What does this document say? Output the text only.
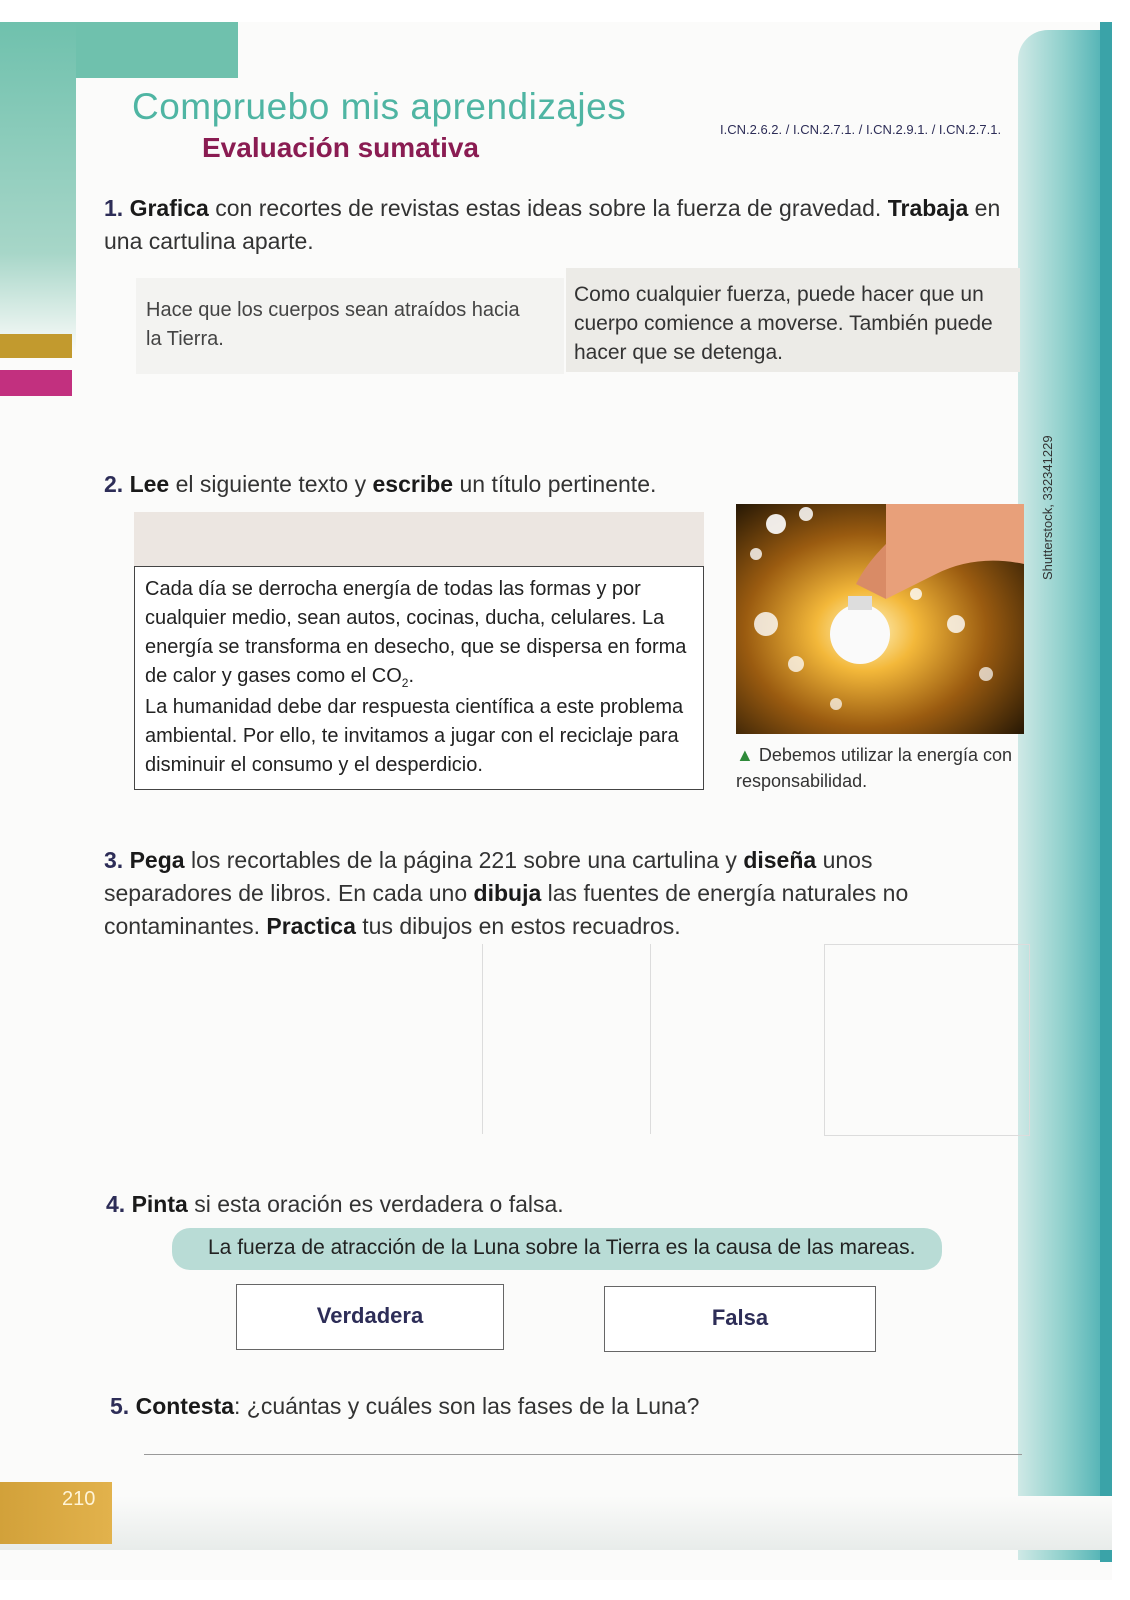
210
Compruebo mis aprendizajes
Evaluación sumativa
I.CN.2.6.2. / I.CN.2.7.1. / I.CN.2.9.1. / I.CN.2.7.1.
1. Grafica con recortes de revistas estas ideas sobre la fuerza de gravedad. Trabaja en una cartulina aparte.
Hace que los cuerpos sean atraídos hacia la Tierra.
Como cualquier fuerza, puede hacer que un cuerpo comience a moverse. También puede hacer que se detenga.
2. Lee el siguiente texto y escribe un título pertinente.

Cada día se derrocha energía de todas las formas y por cualquier medio, sean autos, cocinas, ducha, celulares. La energía se transforma en desecho, que se dispersa en forma de calor y gases como el $CO_2$.

La humanidad debe dar respuesta científica a este problema ambiental. Por ello, te invitamos a jugar con el reciclaje para disminuir el consumo y el desperdicio.	▲ Debemos utilizar la energía con responsabilidad.
Shutterstock, 332341229
3. Pega los recortables de la página 221 sobre una cartulina y diseña unos separadores de libros. En cada uno dibuja las fuentes de energía naturales no contaminantes. Practica tus dibujos en estos recuadros.
4. Pinta si esta oración es verdadera o falsa.
La fuerza de atracción de la Luna sobre la Tierra es la causa de las mareas.
Verdadera	Falsa
5. Contesta: ¿cuántas y cuáles son las fases de la Luna?
